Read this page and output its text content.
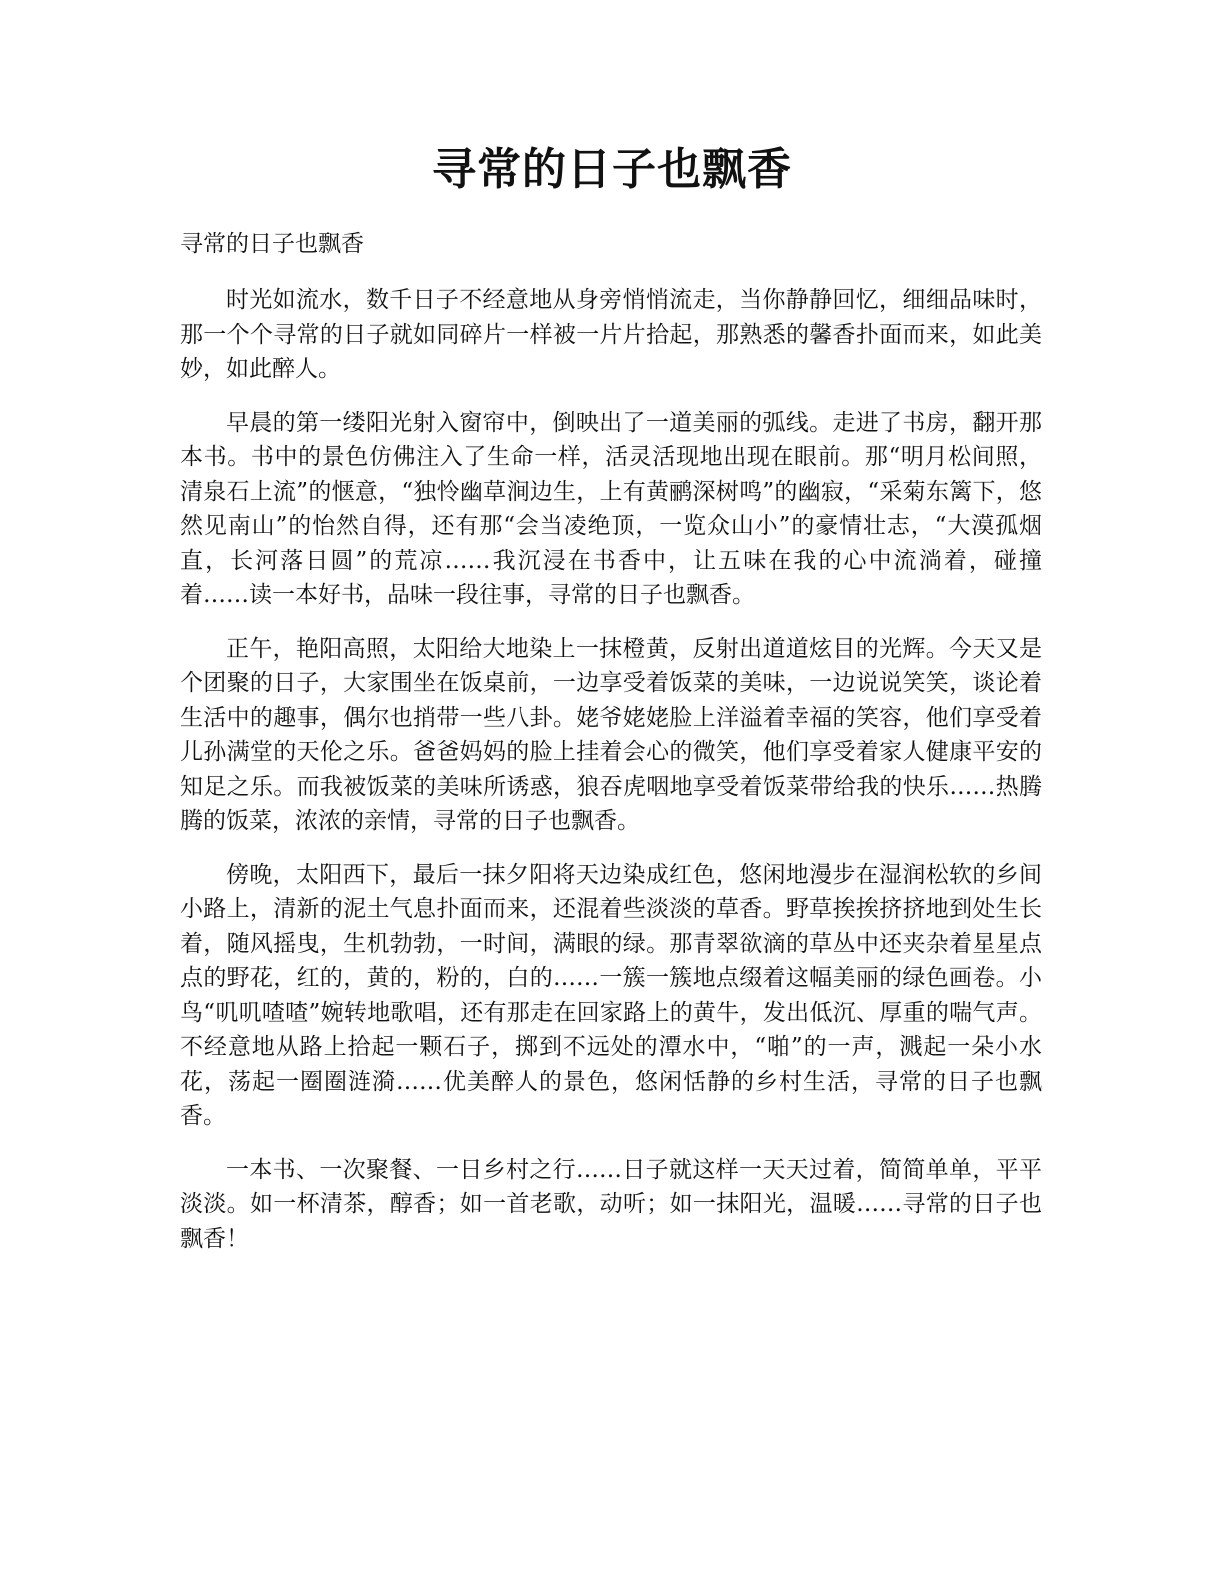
寻常的日子也飘香

寻常的日子也飘香

时光如流水，数千日子不经意地从身旁悄悄流走，当你静静回忆，细细品味时，那一个个寻常的日子就如同碎片一样被一片片拾起，那熟悉的馨香扑面而来，如此美妙，如此醉人。

早晨的第一缕阳光射入窗帘中，倒映出了一道美丽的弧线。走进了书房，翻开那本书。书中的景色仿佛注入了生命一样，活灵活现地出现在眼前。那“明月松间照，清泉石上流”的惬意，“独怜幽草涧边生，上有黄鹂深树鸣”的幽寂，“采菊东篱下，悠然见南山”的怡然自得，还有那“会当凌绝顶，一览众山小”的豪情壮志，“大漠孤烟直，长河落日圆”的荒凉……我沉浸在书香中，让五味在我的心中流淌着，碰撞着……读一本好书，品味一段往事，寻常的日子也飘香。

正午，艳阳高照，太阳给大地染上一抹橙黄，反射出道道炫目的光辉。今天又是个团聚的日子，大家围坐在饭桌前，一边享受着饭菜的美味，一边说说笑笑，谈论着生活中的趣事，偶尔也捎带一些八卦。姥爷姥姥脸上洋溢着幸福的笑容，他们享受着儿孙满堂的天伦之乐。爸爸妈妈的脸上挂着会心的微笑，他们享受着家人健康平安的知足之乐。而我被饭菜的美味所诱惑，狼吞虎咽地享受着饭菜带给我的快乐……热腾腾的饭菜，浓浓的亲情，寻常的日子也飘香。

傍晚，太阳西下，最后一抹夕阳将天边染成红色，悠闲地漫步在湿润松软的乡间小路上，清新的泥土气息扑面而来，还混着些淡淡的草香。野草挨挨挤挤地到处生长着，随风摇曳，生机勃勃，一时间，满眼的绿。那青翠欲滴的草丛中还夹杂着星星点点的野花，红的，黄的，粉的，白的……一簇一簇地点缀着这幅美丽的绿色画卷。小鸟“叽叽喳喳”婉转地歌唱，还有那走在回家路上的黄牛，发出低沉、厚重的喘气声。不经意地从路上拾起一颗石子，掷到不远处的潭水中，“啪”的一声，溅起一朵小水花，荡起一圈圈涟漪……优美醉人的景色，悠闲恬静的乡村生活，寻常的日子也飘香。

一本书、一次聚餐、一日乡村之行……日子就这样一天天过着，简简单单，平平淡淡。如一杯清茶，醇香；如一首老歌，动听；如一抹阳光，温暖……寻常的日子也飘香！
